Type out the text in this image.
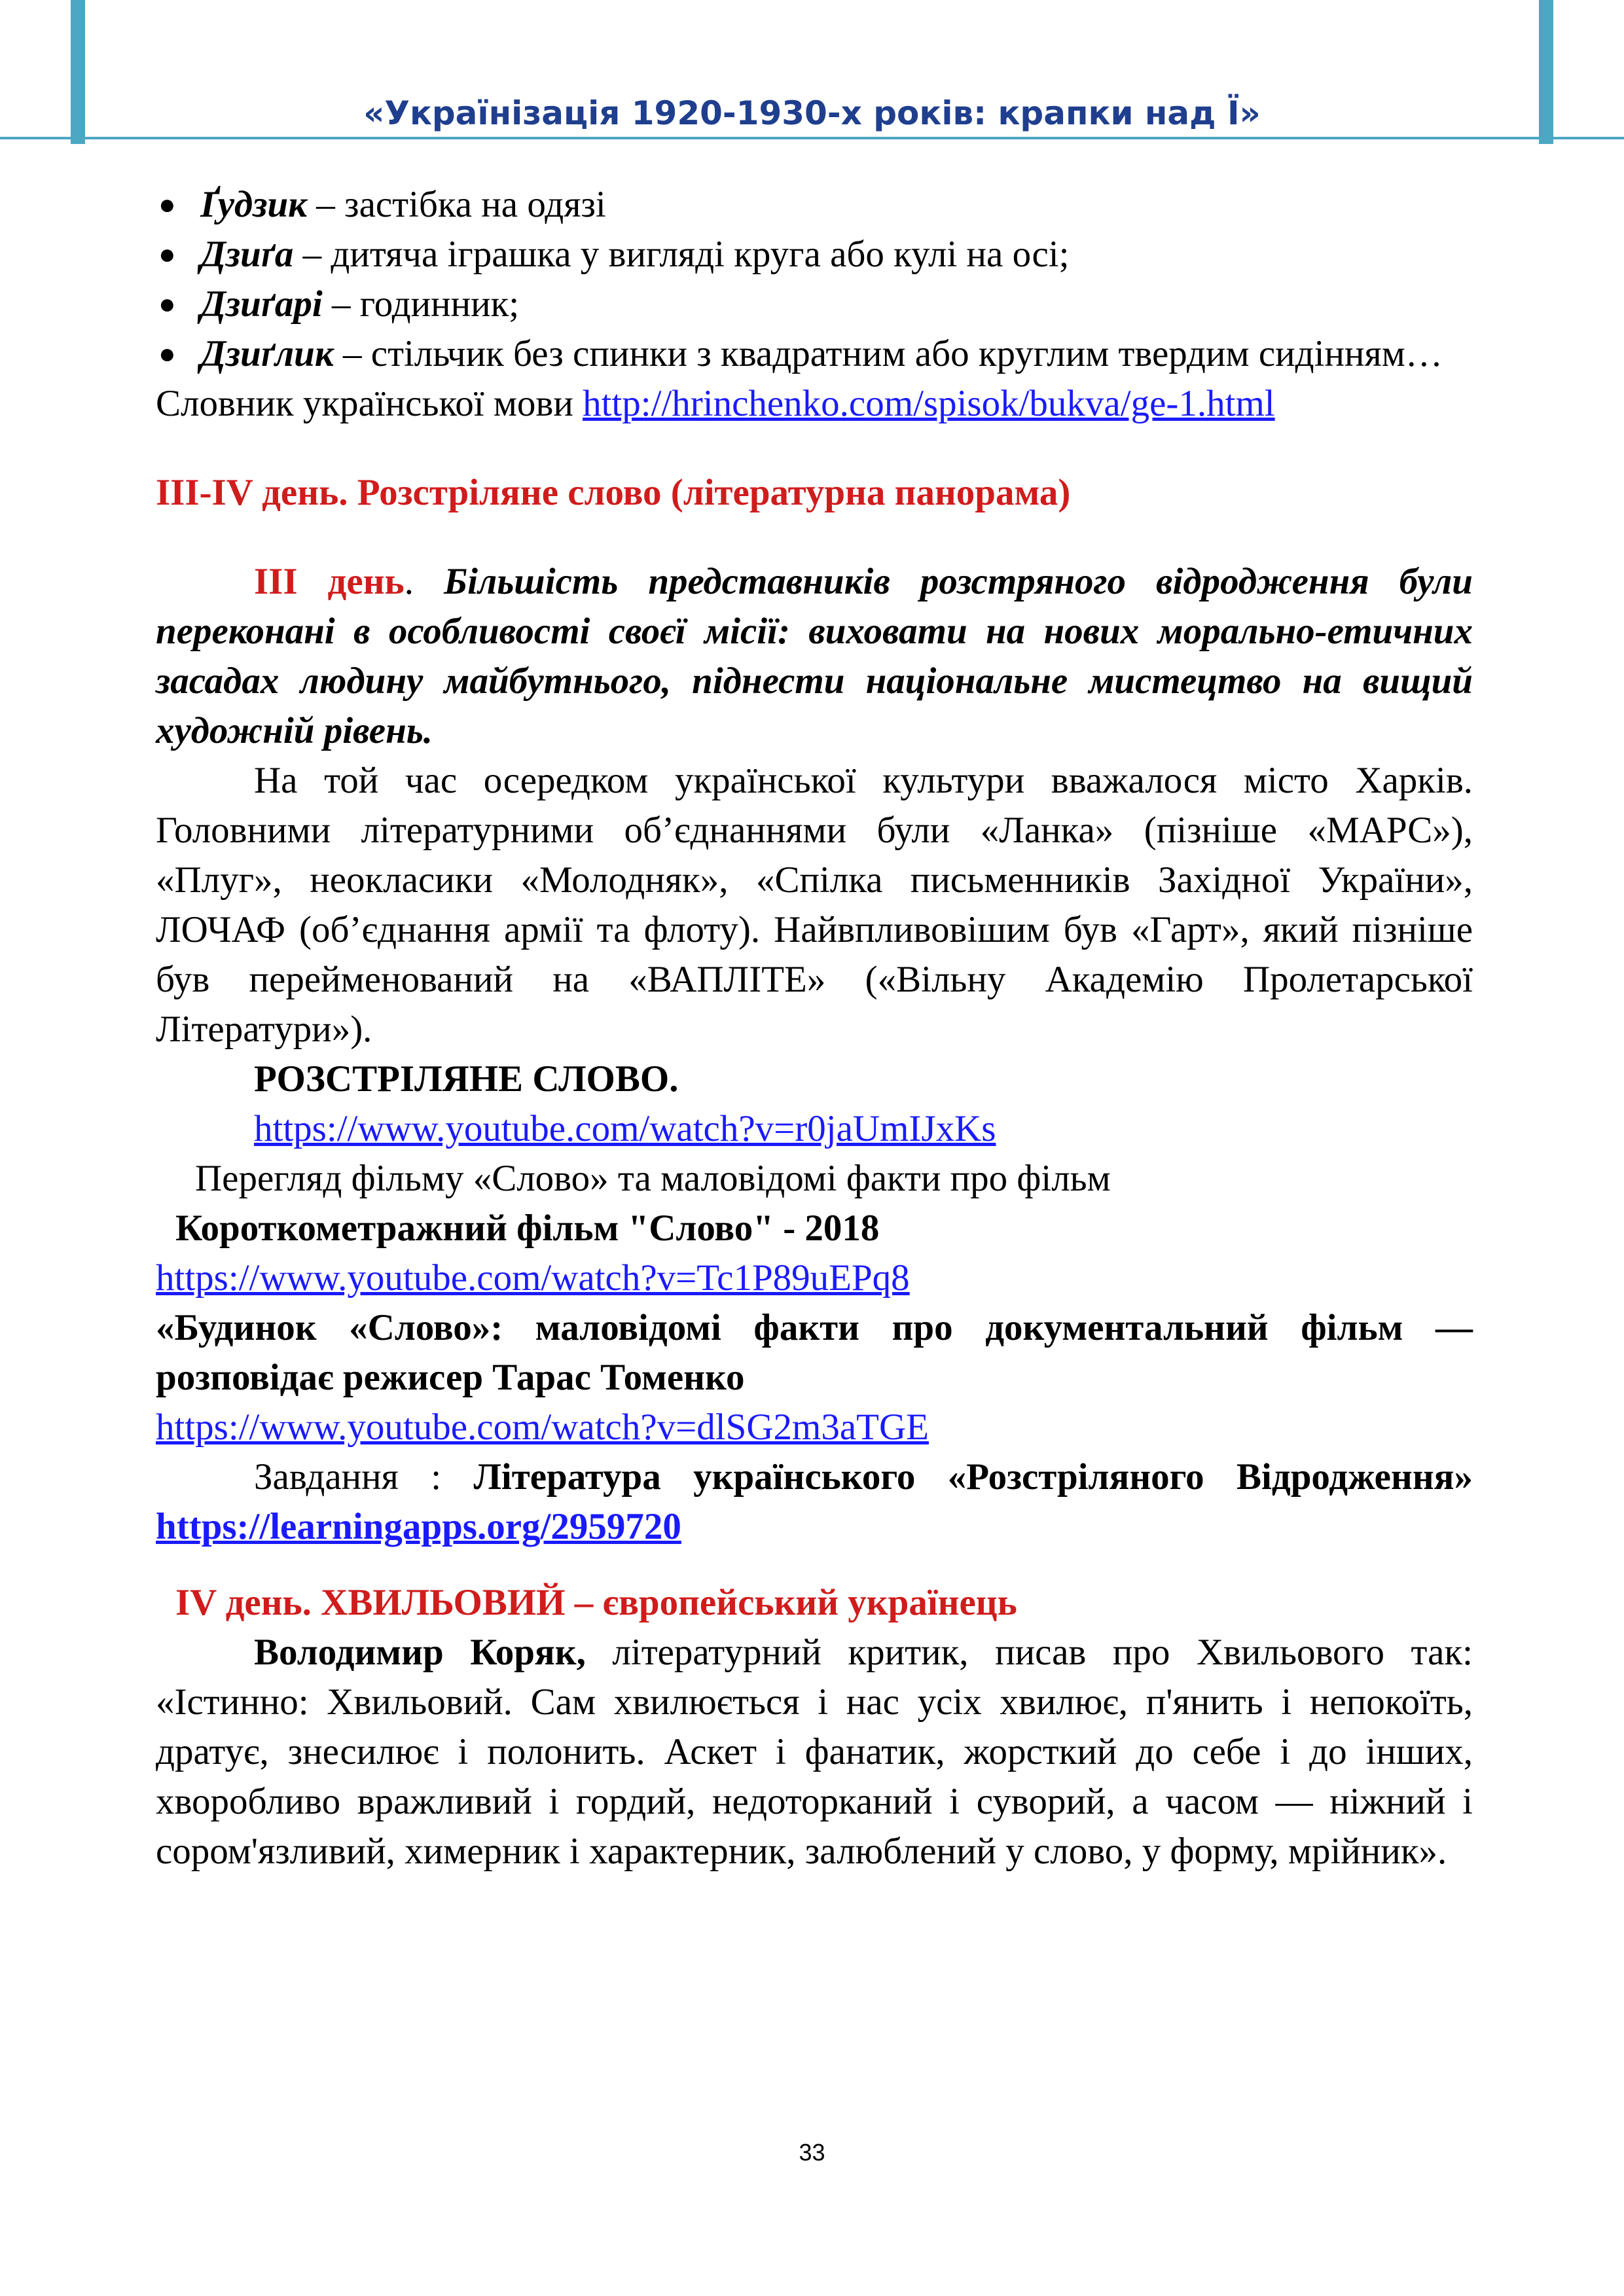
«Українізація 1920-1930-х років: крапки над Ї»
● Ґудзик – застібка на одязі
● Дзиґа – дитяча іграшка у вигляді круга або кулі на осі;
● Дзиґарі – годинник;
● Дзиґлик – стільчик без спинки з квадратним або круглим твердим сидінням…

Словник української мови http://hrinchenko.com/spisok/bukva/ge-1.html

ІІІ-ІV день. Розстріляне слово (літературна панорама)

ІІІ день. Більшість представників розстряного відродження були переконані в особливості своєї місії: виховати на нових морально-етичних засадах людину майбутнього, піднести національне мистецтво на вищий художній рівень.

На той час осередком української культури вважалося місто Харків. Головними літературними об’єднаннями були «Ланка» (пізніше «МАРС»), «Плуг», неокласики «Молодняк», «Спілка письменників Західної України», ЛОЧАФ (об’єднання армії та флоту). Найвпливовішим був «Гарт», який пізніше був перейменований на «ВАПЛІТЕ» («Вільну Академію Пролетарської Літератури»).

РОЗСТРІЛЯНЕ СЛОВО.

https://www.youtube.com/watch?v=r0jaUmIJxKs

Перегляд фільму «Слово» та маловідомі факти про фільм

Короткометражний фільм "Слово" - 2018

https://www.youtube.com/watch?v=Tc1P89uEPq8

«Будинок «Слово»: маловідомі факти про документальний фільм — розповідає режисер Тарас Томенко

https://www.youtube.com/watch?v=dlSG2m3aTGE

Завдання : Література українського «Розстріляного Відродження» https://learningapps.org/2959720

ІV день. ХВИЛЬОВИЙ – європейський українець

Володимир Коряк, літературний критик, писав про Хвильового так: «Істинно: Хвильовий. Сам хвилюється і нас усіх хвилює, п'янить і непокоїть, дратує, знесилює і полонить. Аскет і фанатик, жорсткий до себе і до інших, хворобливо вражливий і гордий, недоторканий і суворий, а часом — ніжний і сором'язливий, химерник і характерник, залюблений у слово, у форму, мрійник».

33
